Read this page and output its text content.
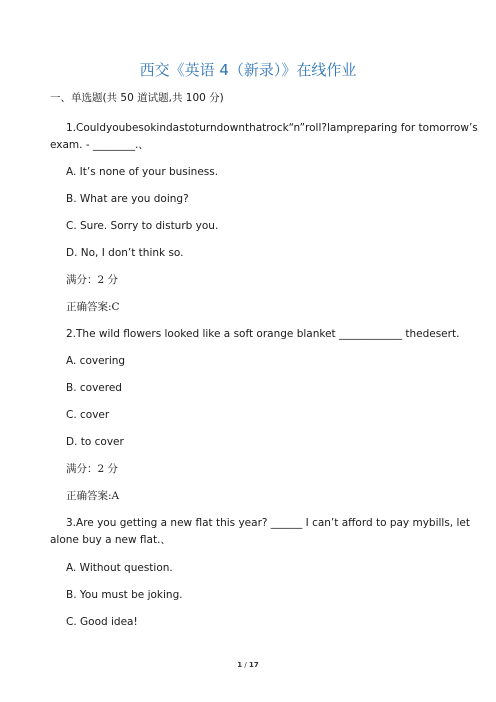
西交《英语 4（新录）》在线作业
一、单选题(共 50 道试题,共 100 分)
1.Couldyoubesokindastoturndownthatrock“n”roll?lampreparing for tomorrow’s
exam. - ________.、
A. It’s none of your business.
B. What are you doing?
C. Sure. Sorry to disturb you.
D. No, I don’t think so.
满分：2 分
正确答案:C
2.The wild flowers looked like a soft orange blanket ____________ thedesert.
A. covering
B. covered
C. cover
D. to cover
满分：2 分
正确答案:A
3.Are you getting a new flat this year? ______ I can’t afford to pay mybills, let
alone buy a new flat.、
A. Without question.
B. You must be joking.
C. Good idea!
1 / 17
